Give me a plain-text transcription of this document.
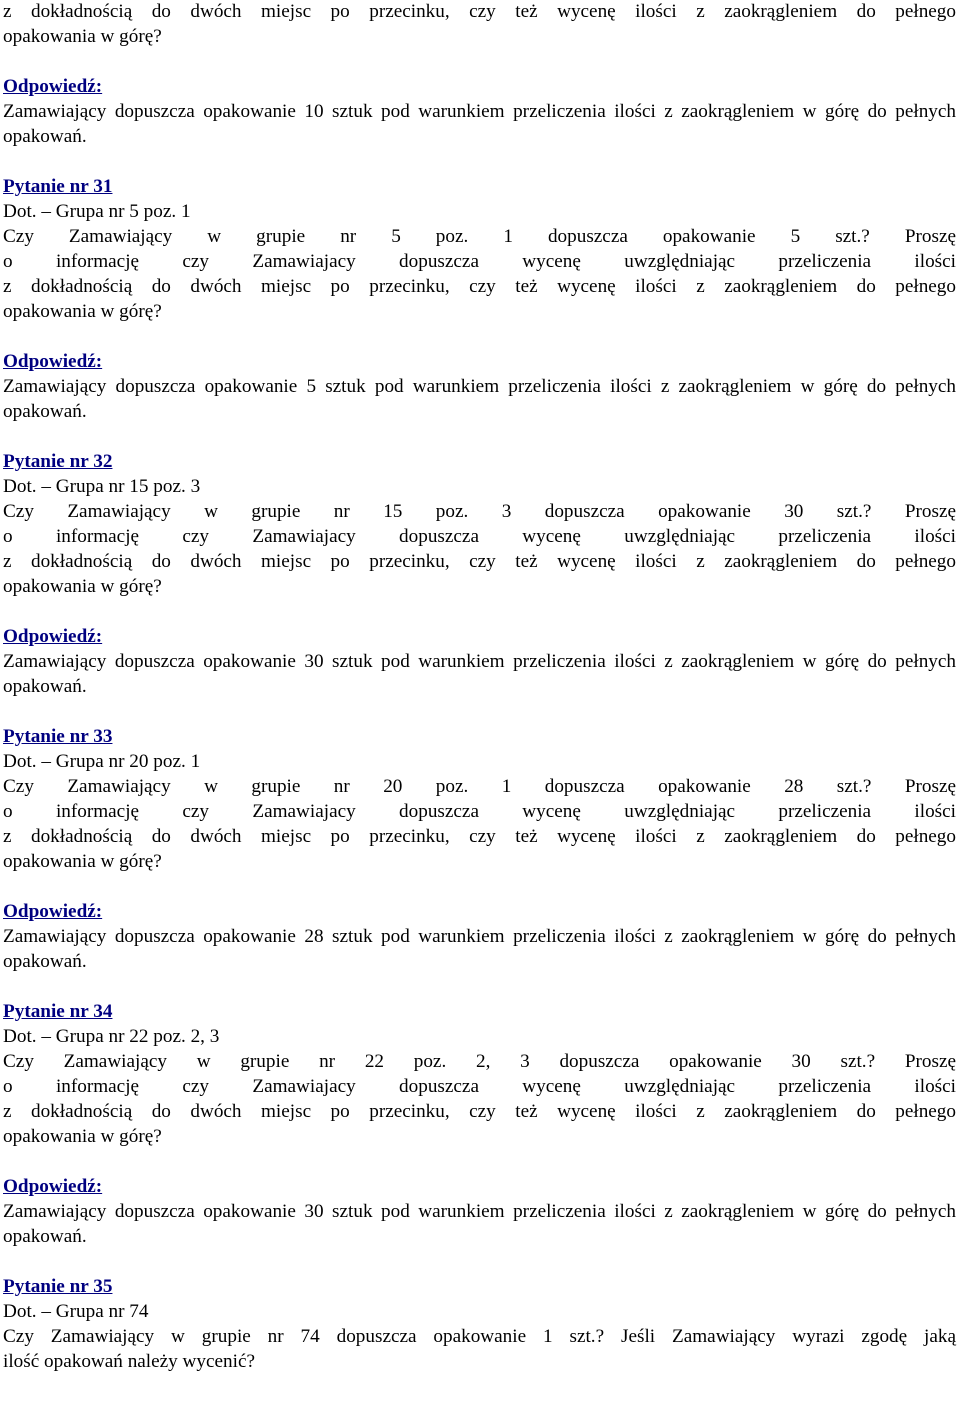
z dokładnością do dwóch miejsc po przecinku, czy też wycenę ilości z zaokrągleniem do pełnego
opakowania w górę?
Odpowiedź:

Zamawiający dopuszcza opakowanie 10 sztuk pod warunkiem przeliczenia ilości z zaokrągleniem w górę do pełnych opakowań.

Pytanie nr 31
Dot. – Grupa nr 5 poz. 1
Czy Zamawiający w grupie nr 5 poz. 1 dopuszcza opakowanie 5 szt.? Proszę
o informację czy Zamawiajacy dopuszcza wycenę uwzględniając przeliczenia ilości
z dokładnością do dwóch miejsc po przecinku, czy też wycenę ilości z zaokrągleniem do pełnego
opakowania w górę?
Odpowiedź:

Zamawiający dopuszcza opakowanie 5 sztuk pod warunkiem przeliczenia ilości z zaokrągleniem w górę do pełnych opakowań.

Pytanie nr 32
Dot. – Grupa nr 15 poz. 3
Czy Zamawiający w grupie nr 15 poz. 3 dopuszcza opakowanie 30 szt.? Proszę
o informację czy Zamawiajacy dopuszcza wycenę uwzględniając przeliczenia ilości
z dokładnością do dwóch miejsc po przecinku, czy też wycenę ilości z zaokrągleniem do pełnego
opakowania w górę?
Odpowiedź:

Zamawiający dopuszcza opakowanie 30 sztuk pod warunkiem przeliczenia ilości z zaokrągleniem w górę do pełnych opakowań.

Pytanie nr 33
Dot. – Grupa nr 20 poz. 1
Czy Zamawiający w grupie nr 20 poz. 1 dopuszcza opakowanie 28 szt.? Proszę
o informację czy Zamawiajacy dopuszcza wycenę uwzględniając przeliczenia ilości
z dokładnością do dwóch miejsc po przecinku, czy też wycenę ilości z zaokrągleniem do pełnego
opakowania w górę?
Odpowiedź:

Zamawiający dopuszcza opakowanie 28 sztuk pod warunkiem przeliczenia ilości z zaokrągleniem w górę do pełnych opakowań.

Pytanie nr 34
Dot. – Grupa nr 22 poz. 2, 3
Czy Zamawiający w grupie nr 22 poz. 2, 3 dopuszcza opakowanie 30 szt.? Proszę
o informację czy Zamawiajacy dopuszcza wycenę uwzględniając przeliczenia ilości
z dokładnością do dwóch miejsc po przecinku, czy też wycenę ilości z zaokrągleniem do pełnego
opakowania w górę?
Odpowiedź:

Zamawiający dopuszcza opakowanie 30 sztuk pod warunkiem przeliczenia ilości z zaokrągleniem w górę do pełnych opakowań.

Pytanie nr 35
Dot. – Grupa nr 74
Czy Zamawiający w grupie nr 74 dopuszcza opakowanie 1 szt.? Jeśli Zamawiający wyrazi zgodę jaką
ilość opakowań należy wycenić?
